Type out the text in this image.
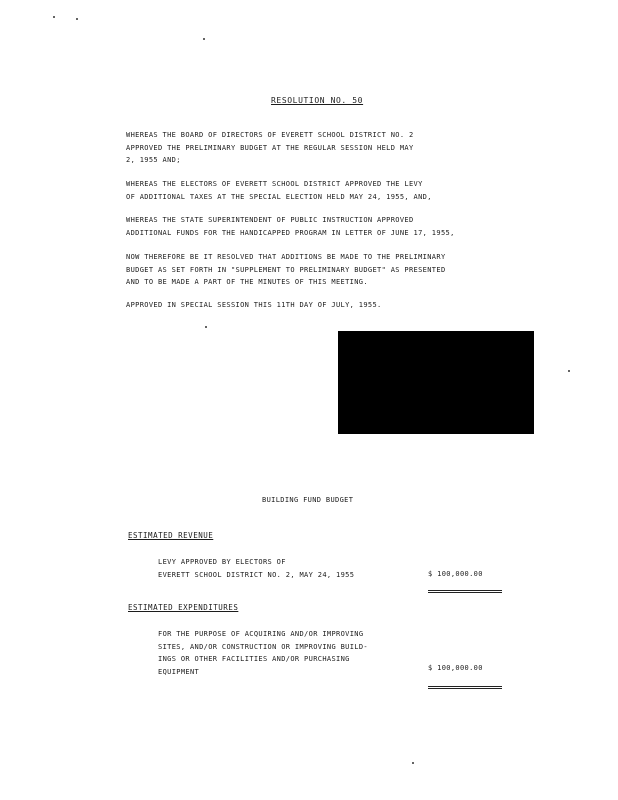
RESOLUTION NO. 50
WHEREAS THE BOARD OF DIRECTORS OF EVERETT SCHOOL DISTRICT NO. 2
APPROVED THE PRELIMINARY BUDGET AT THE REGULAR SESSION HELD MAY
2, 1955 AND;
WHEREAS THE ELECTORS OF EVERETT SCHOOL DISTRICT APPROVED THE LEVY
OF ADDITIONAL TAXES AT THE SPECIAL ELECTION HELD MAY 24, 1955, AND,
WHEREAS THE STATE SUPERINTENDENT OF PUBLIC INSTRUCTION APPROVED
ADDITIONAL FUNDS FOR THE HANDICAPPED PROGRAM IN LETTER OF JUNE 17, 1955,
NOW THEREFORE BE IT RESOLVED THAT ADDITIONS BE MADE TO THE PRELIMINARY
BUDGET AS SET FORTH IN "SUPPLEMENT TO PRELIMINARY BUDGET" AS PRESENTED
AND TO BE MADE A PART OF THE MINUTES OF THIS MEETING.
APPROVED IN SPECIAL SESSION THIS 11TH DAY OF JULY, 1955.
BUILDING FUND BUDGET
ESTIMATED REVENUE
LEVY APPROVED BY ELECTORS OF
EVERETT SCHOOL DISTRICT NO. 2, MAY 24, 1955	$ 100,000.00
ESTIMATED EXPENDITURES
FOR THE PURPOSE OF ACQUIRING AND/OR IMPROVING
SITES, AND/OR CONSTRUCTION OR IMPROVING BUILD-
INGS OR OTHER FACILITIES AND/OR PURCHASING
EQUIPMENT	$ 100,000.00
